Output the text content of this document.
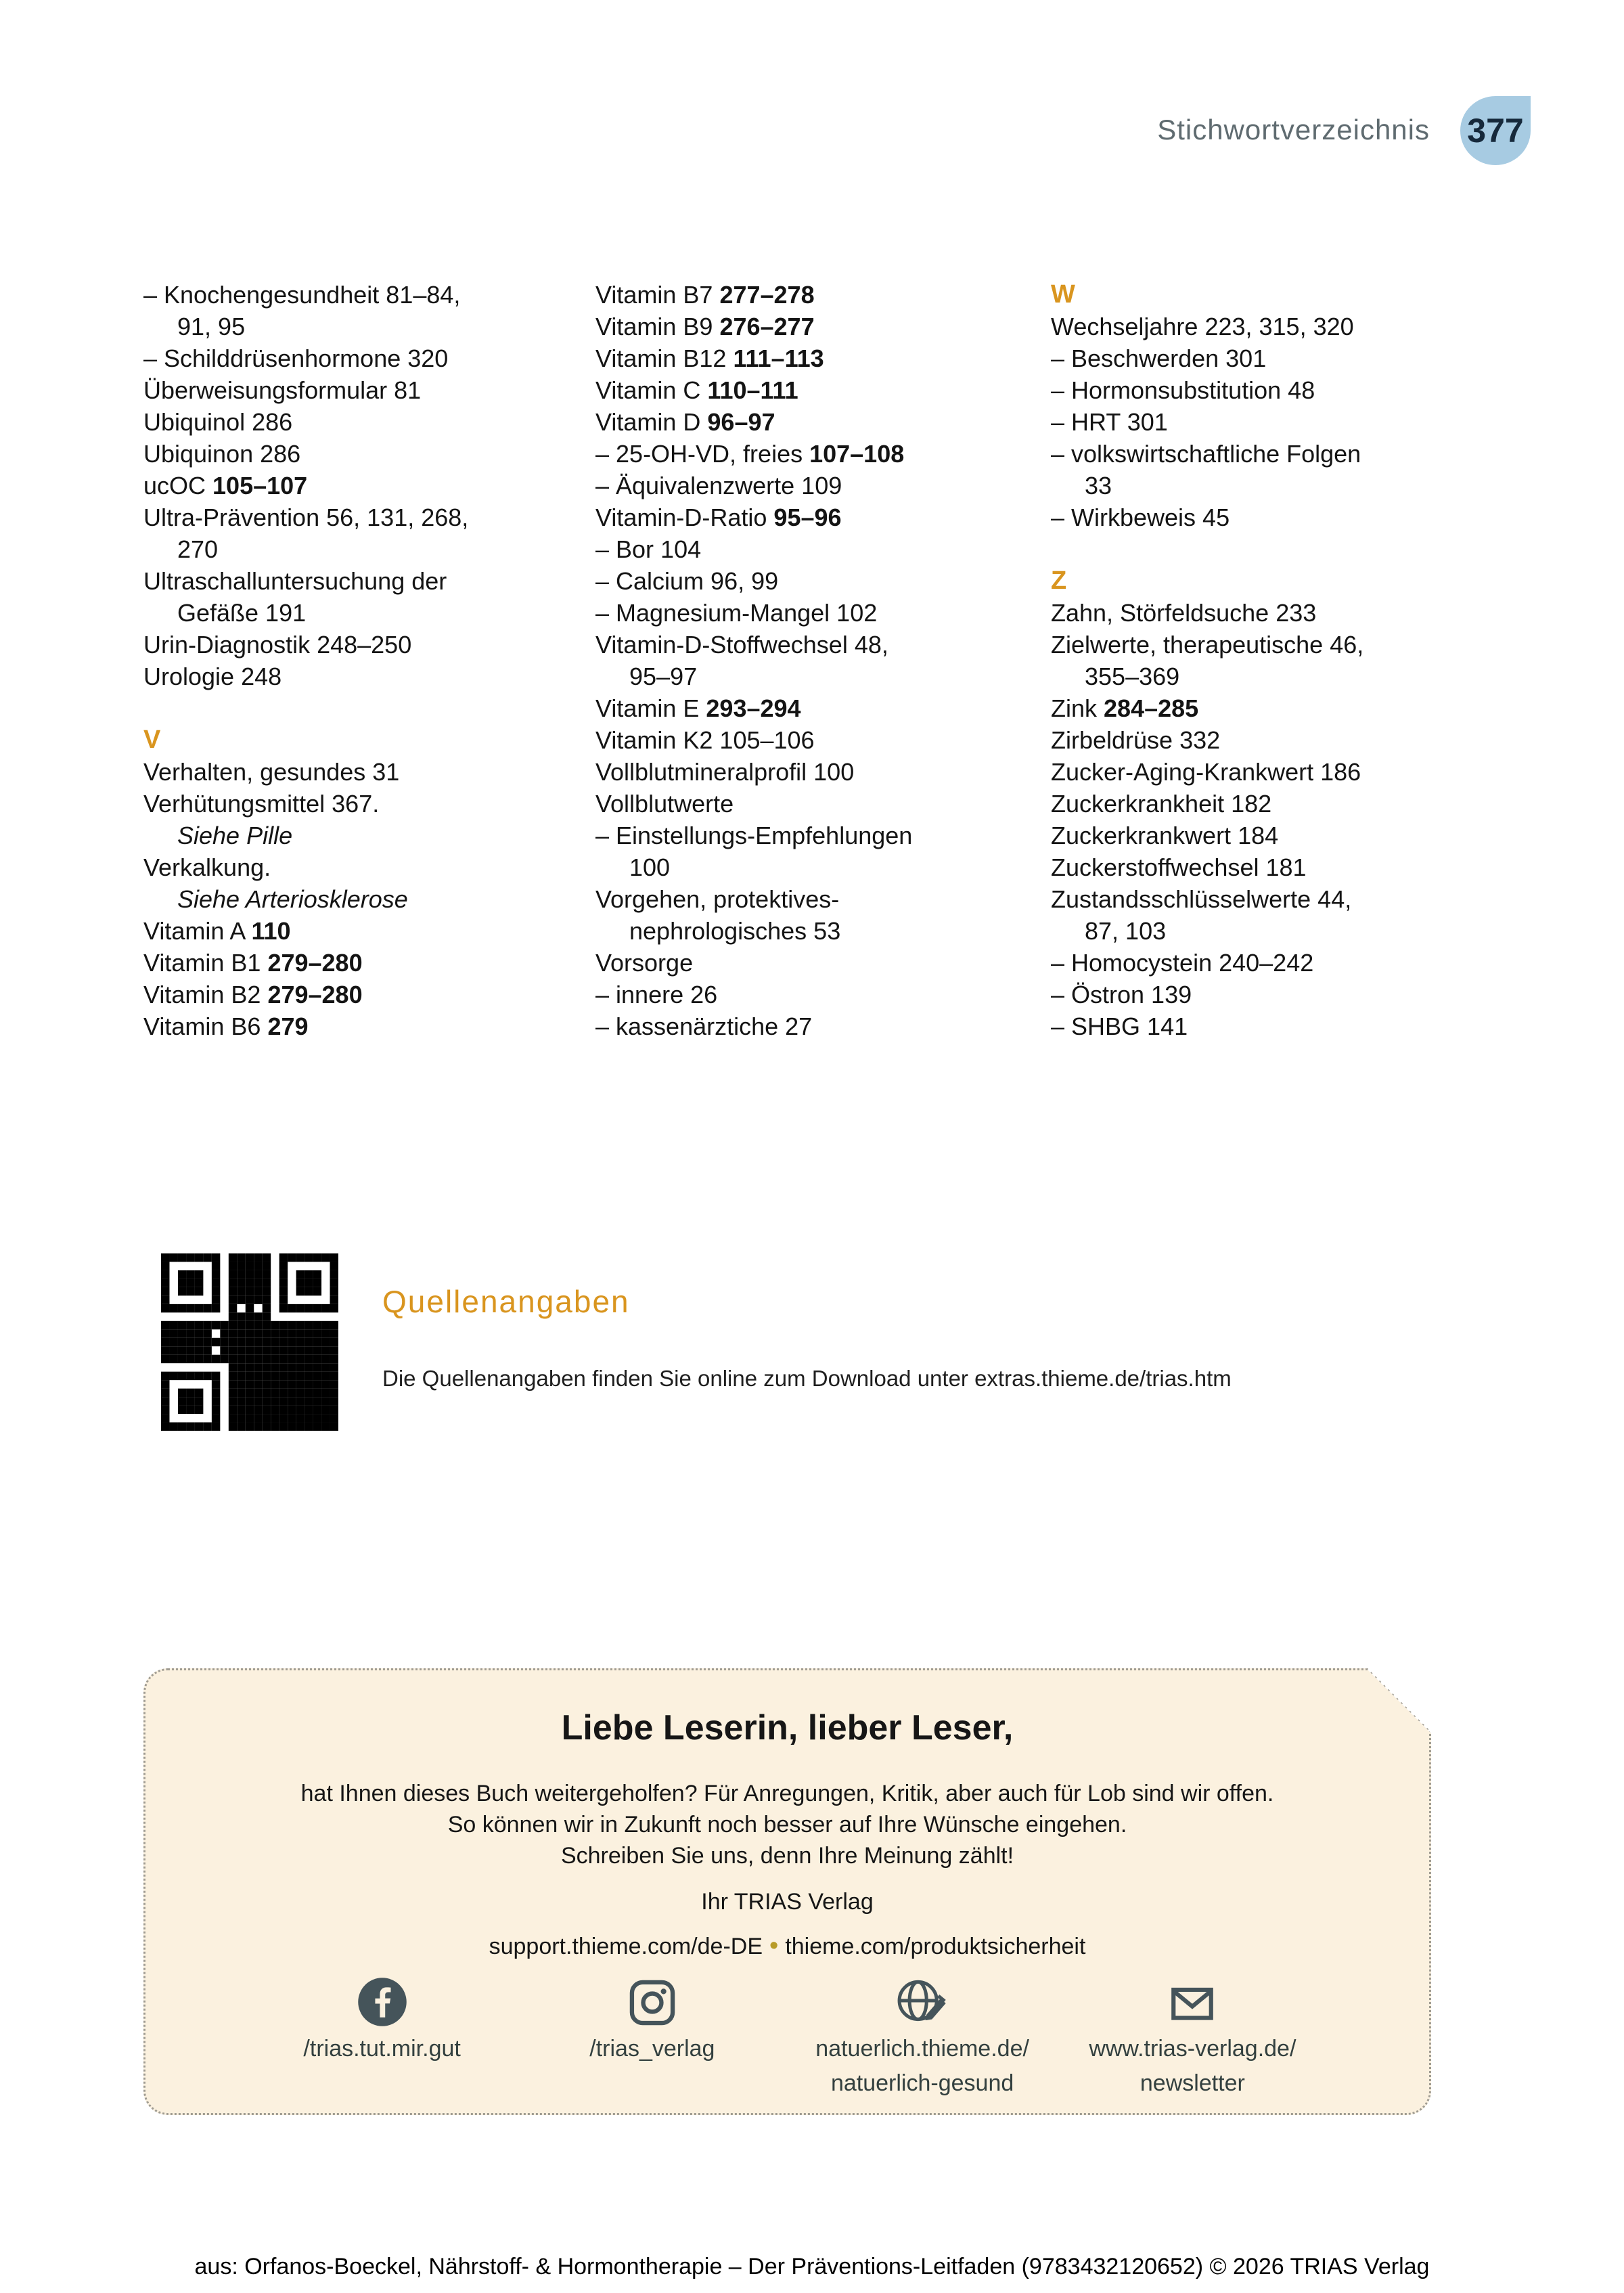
Stichwortverzeichnis 377
– Knochengesundheit 81–84,
91, 95
– Schilddrüsenhormone 320
Überweisungsformular 81
Ubiquinol 286
Ubiquinon 286
ucOC 105–107
Ultra-Prävention 56, 131, 268,
270
Ultraschalluntersuchung der
Gefäße 191
Urin-Diagnostik 248–250
Urologie 248
V
Verhalten, gesundes 31
Verhütungsmittel 367.
Siehe Pille
Verkalkung.
Siehe Arteriosklerose
Vitamin A 110
Vitamin B1 279–280
Vitamin B2 279–280
Vitamin B6 279
Vitamin B7 277–278
Vitamin B9 276–277
Vitamin B12 111–113
Vitamin C 110–111
Vitamin D 96–97
– 25-OH-VD, freies 107–108
– Äquivalenzwerte 109
Vitamin-D-Ratio 95–96
– Bor 104
– Calcium 96, 99
– Magnesium-Mangel 102
Vitamin-D-Stoffwechsel 48,
95–97
Vitamin E 293–294
Vitamin K2 105–106
Vollblutmineralprofil 100
Vollblutwerte
– Einstellungs-Empfehlungen
100
Vorgehen, protektives-
nephrologisches 53
Vorsorge
– innere 26
– kassenärztiche 27
W
Wechseljahre 223, 315, 320
– Beschwerden 301
– Hormonsubstitution 48
– HRT 301
– volkswirtschaftliche Folgen
33
– Wirkbeweis 45
Z
Zahn, Störfeldsuche 233
Zielwerte, therapeutische 46,
355–369
Zink 284–285
Zirbeldrüse 332
Zucker-Aging-Krankwert 186
Zuckerkrankheit 182
Zuckerkrankwert 184
Zuckerstoffwechsel 181
Zustandsschlüsselwerte 44,
87, 103
– Homocystein 240–242
– Östron 139
– SHBG 141
Quellenangaben
Die Quellenangaben finden Sie online zum Download unter extras.thieme.de/trias.htm
Liebe Leserin, lieber Leser,
hat Ihnen dieses Buch weitergeholfen? Für Anregungen, Kritik, aber auch für Lob sind wir offen.
So können wir in Zukunft noch besser auf Ihre Wünsche eingehen.
Schreiben Sie uns, denn Ihre Meinung zählt!
Ihr TRIAS Verlag
support.thieme.com/de-DE • thieme.com/produktsicherheit
/trias.tut.mir.gut	/trias_verlag	natuerlich.thieme.de/
natuerlich-gesund
www.trias-verlag.de/
newsletter
aus: Orfanos-Boeckel, Nährstoff- & Hormontherapie – Der Präventions-Leitfaden (9783432120652) © 2026 TRIAS Verlag
